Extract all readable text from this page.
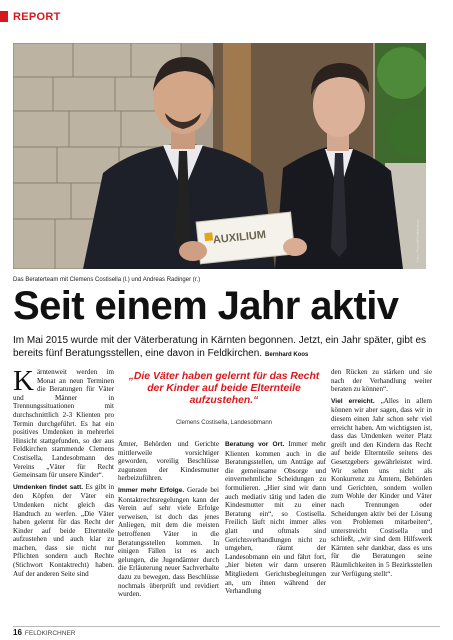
REPORT
AUXILIUM	Foto: Privat/Feldkirchner
Das Beraterteam mit Clemens Costisella (l.) und Andreas Radinger (r.)
Seit einem Jahr aktiv
Im Mai 2015 wurde mit der Väterberatung in Kärnten begonnen. Jetzt, ein Jahr später, gibt es bereits fünf Beratungsstellen, eine davon in Feldkirchen. Bernhard Koos

Kärntenweit werden im Monat an neun Terminen die Beratungen für Väter und Männer in Trennungssituationen mit durchschnittlich 2-3 Klienten pro Termin durchgeführt. Es hat ein positives Umdenken in mehrerlei Hinsicht stattgefunden, so der aus Feldkirchen stammende Clemens Costisella, Landesobmann des Vereins „Väter für Recht Gemeinsam für unsere Kinder“.

Umdenken findet satt. Es gibt in den Köpfen der Väter ein Umdenken nicht gleich das Handtuch zu werfen. „Die Väter haben gelernt für das Recht der Kinder auf beide Elternteile aufzustehen und auch klar zu machen, dass sie nicht nur Pflichten sondern auch Rechte (Stichwort Kontaktrecht) haben. Auf der anderen Seite sind

„Die Väter haben gelernt für das Recht der Kinder auf beide Elternteile aufzustehen.“
Clemens Costisella, Landesobmann

Ämter, Behörden und Gerichte mittlerweile vorsichtiger geworden, voreilig Beschlüsse zugunsten der Kindesmutter herbeizuführen.

Immer mehr Erfolge. Gerade bei Kontaktrechtsregelungen kann der Verein auf sehr viele Erfolge verweisen, ist doch das jenes Anliegen, mit dem die meisten betroffenen Väter in die Beratungsstellen kommen. In einigen Fällen ist es auch gelungen, die Jugendämter durch die Erläuterung neuer Sachverhalte dazu zu bewegen, dass Beschlüsse nochmals überprüft und revidiert wurden.

Beratung vor Ort. Immer mehr Klienten kommen auch in die Beratungsstellen, um Anträge auf die gemeinsame Obsorge und einvernehmliche Scheidungen zu formulieren. „Hier sind wir dann auch mediativ tätig und laden die Kindesmutter mit zu einer Beratung ein“, so Costisella. Freilich läuft nicht immer alles glatt und oftmals sind Gerichtsverhandlungen nicht zu umgehen, räumt der Landesobmann ein und fährt fort, „hier bieten wir dann unseren Mitgliedern Gerichtsbegleitungen an, um ihnen während der Verhandlung

den Rücken zu stärken und sie nach der Verhandlung weiter beraten zu können“.

Viel erreicht. „Alles in allem können wir aber sagen, dass wir in diesem einen Jahr schon sehr viel erreicht haben. Am wichtigsten ist, dass das Umdenken weiter Platz greift und den Kindern das Recht auf beide Elternteile seitens des Gesetzgebers gewährleistet wird. Wir sehen uns nicht als Konkurrenz zu Ämtern, Behörden und Gerichten, sondern wollen zum Wohle der Kinder und Väter nach Trennungen oder Scheidungen aktiv bei der Lösung von Problemen mitarbeiten“, unterstreicht Costisella und schließt, „wir sind dem Hilfswerk Kärnten sehr dankbar, dass es uns für die Beratungen seine Räumlichkeiten in 5 Bezirksstellen zur Verfügung stellt“.

16 FELDKIRCHNER
